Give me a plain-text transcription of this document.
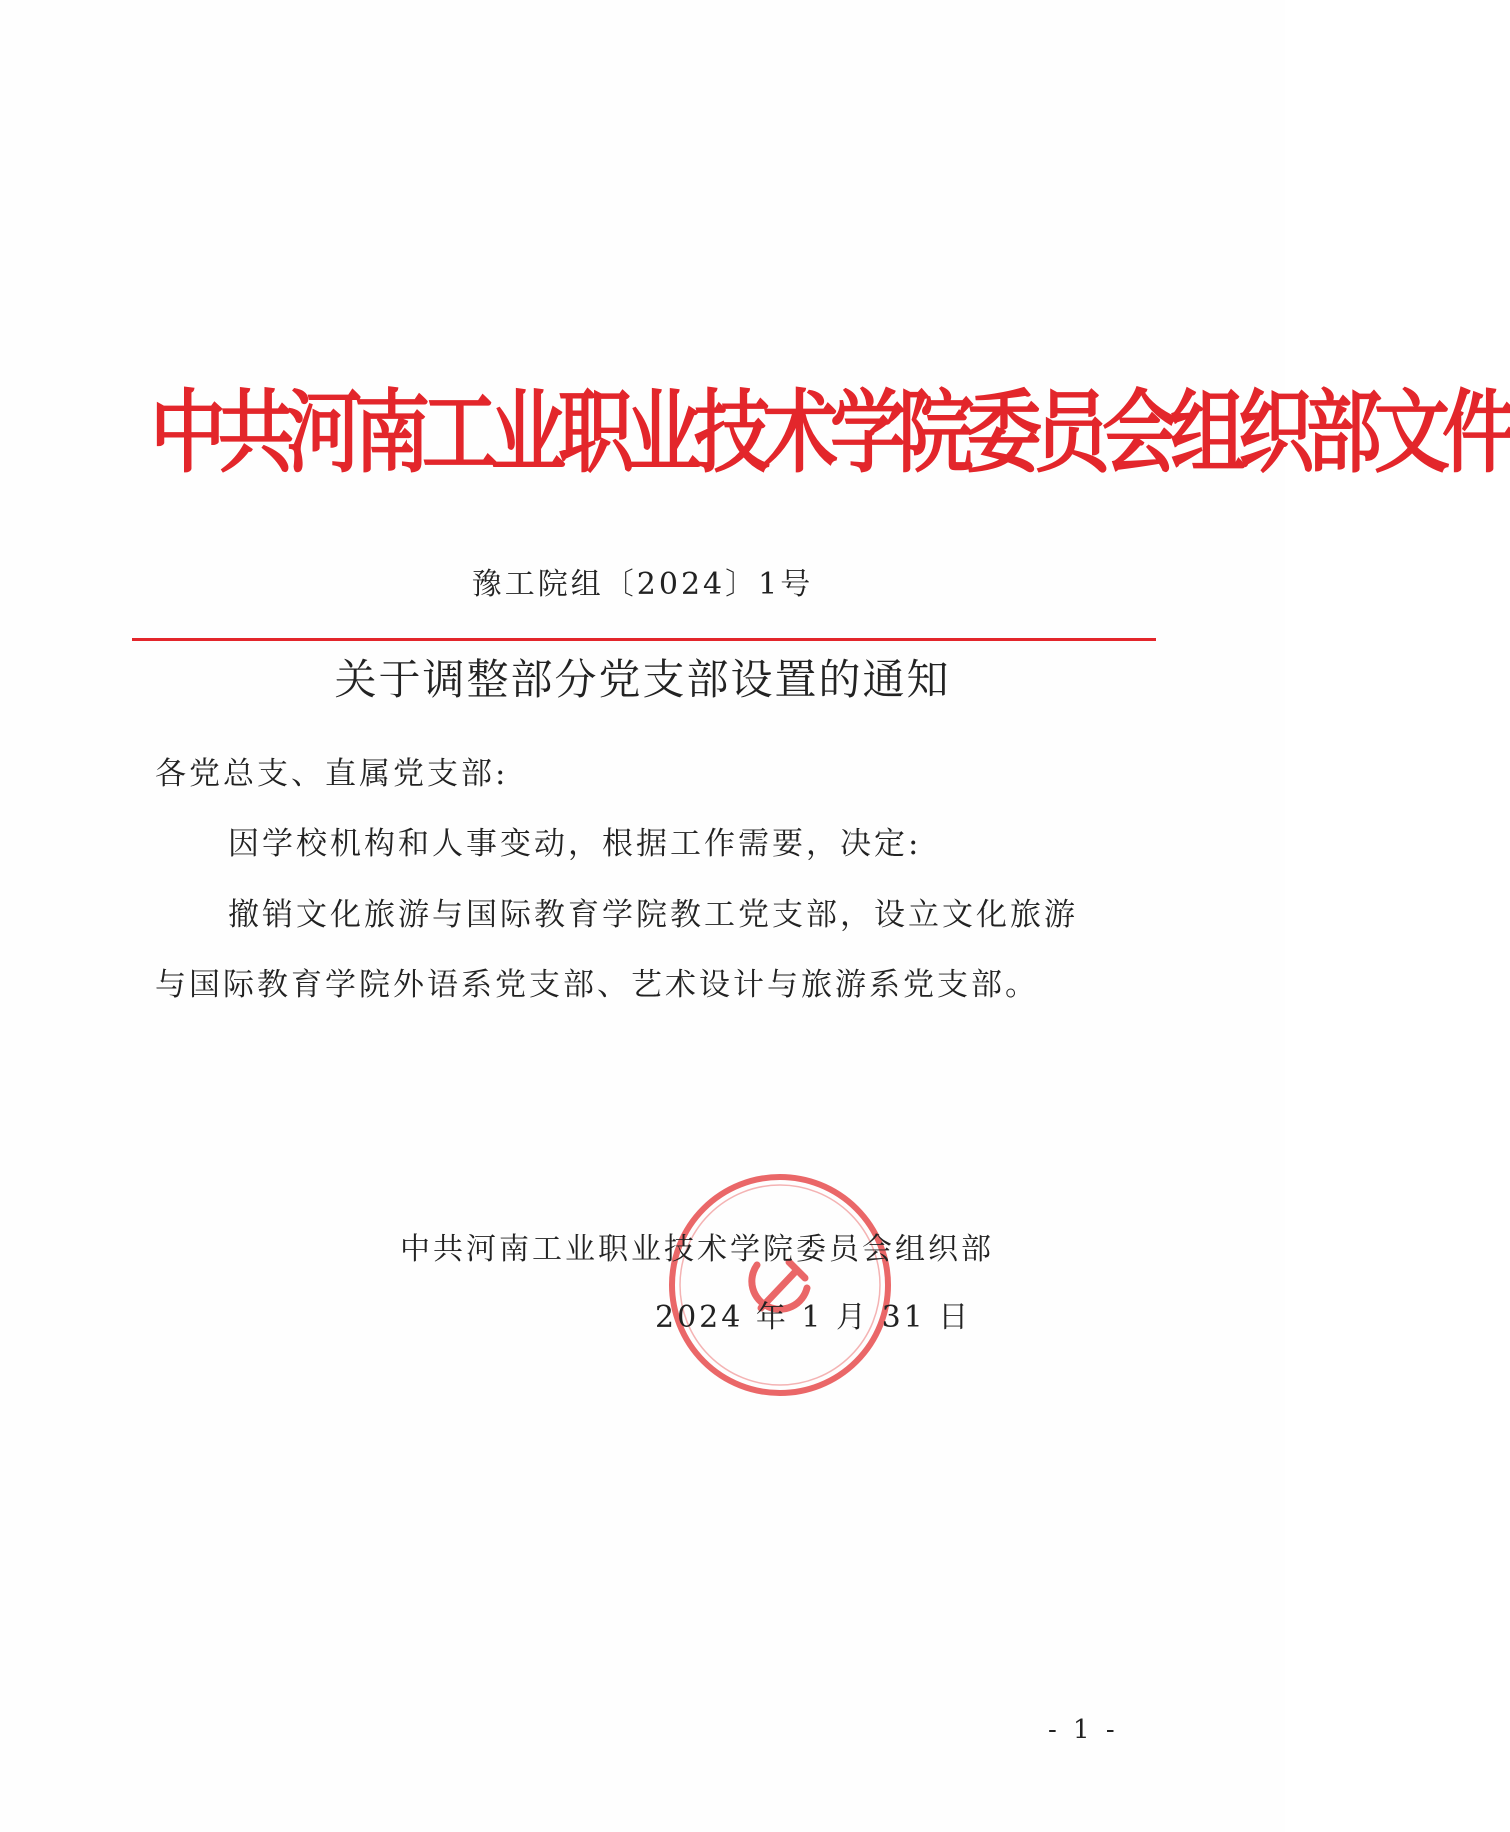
中共河南工业职业技术学院委员会组织部文件
豫工院组〔2024〕1号
关于调整部分党支部设置的通知
各党总支、直属党支部:
因学校机构和人事变动，根据工作需要，决定:
撤销文化旅游与国际教育学院教工党支部，设立文化旅游
与国际教育学院外语系党支部、艺术设计与旅游系党支部。
中共河南工业职业技术学院委员会组织部
2024 年 1 月 31 日
- 1 -
